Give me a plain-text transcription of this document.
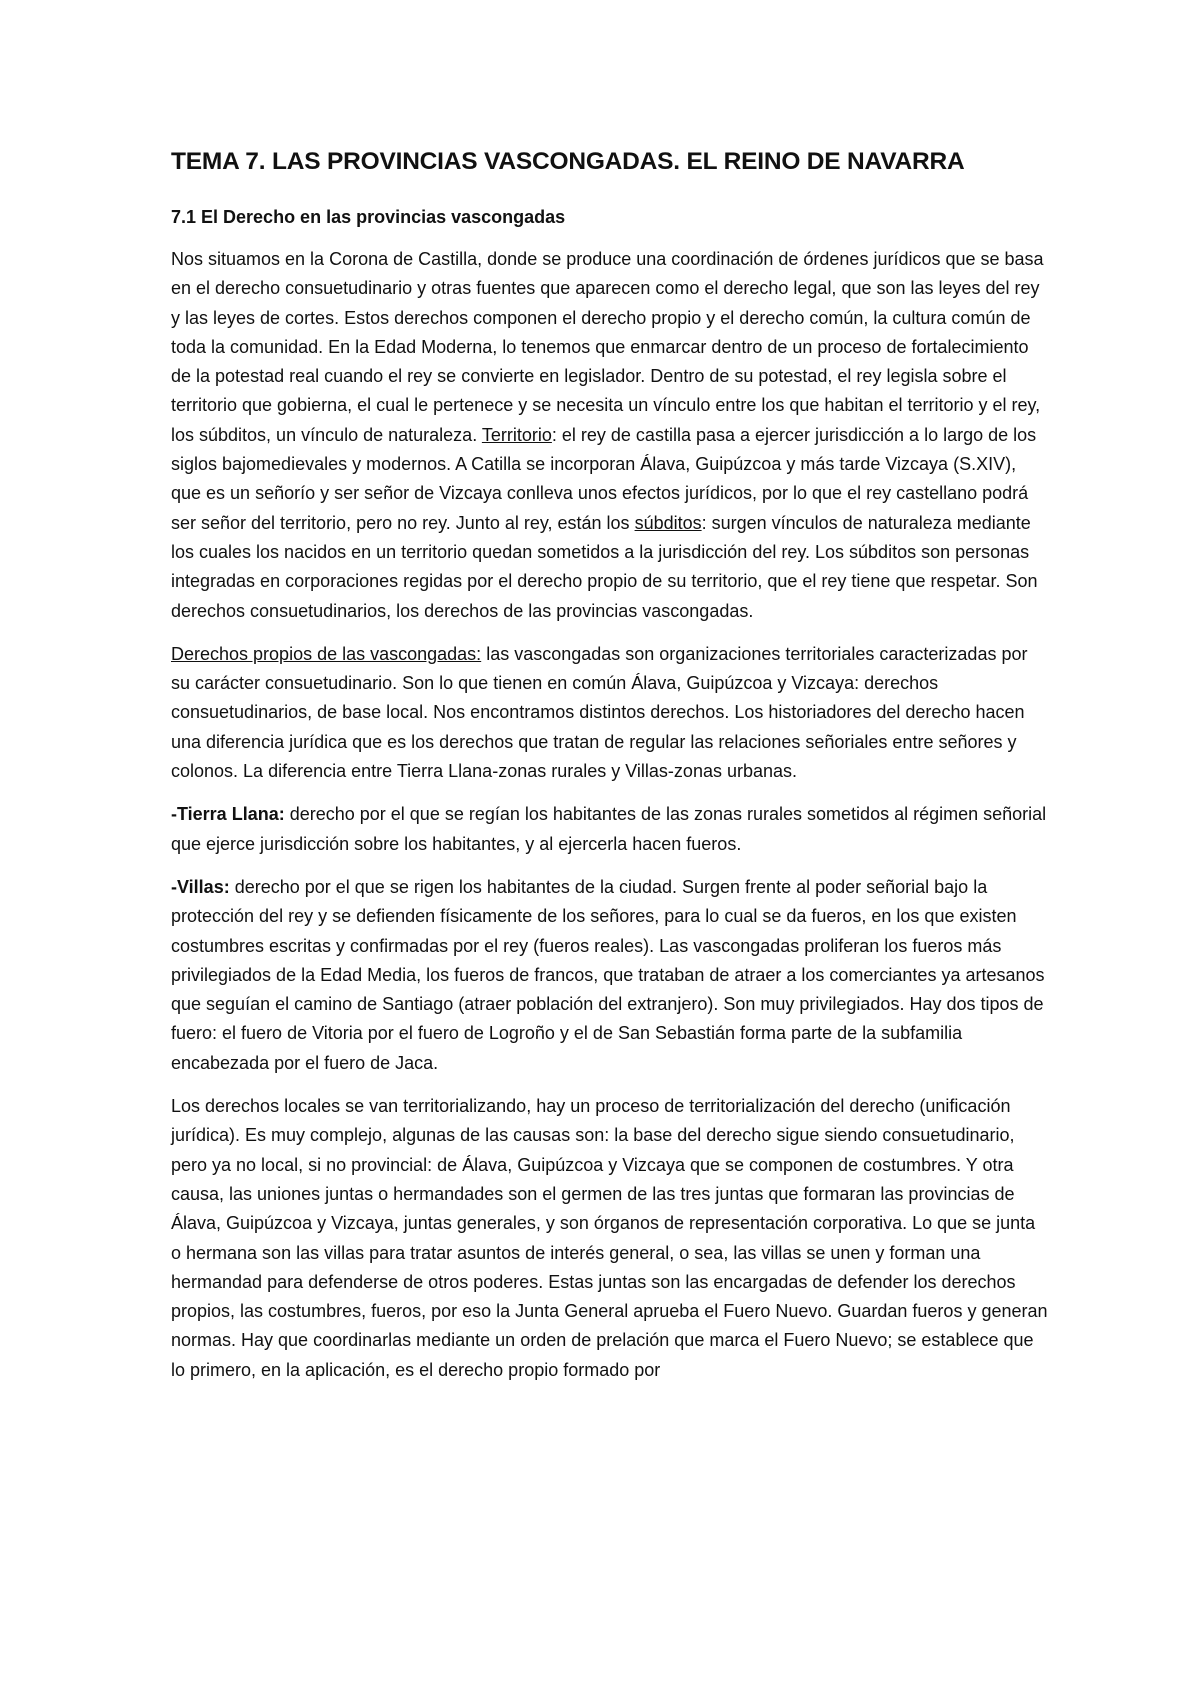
TEMA 7. LAS PROVINCIAS VASCONGADAS. EL REINO DE NAVARRA
7.1 El Derecho en las provincias vascongadas

Nos situamos en la Corona de Castilla, donde se produce una coordinación de órdenes jurídicos que se basa en el derecho consuetudinario y otras fuentes que aparecen como el derecho legal, que son las leyes del rey y las leyes de cortes. Estos derechos componen el derecho propio y el derecho común, la cultura común de toda la comunidad. En la Edad Moderna, lo tenemos que enmarcar dentro de un proceso de fortalecimiento de la potestad real cuando el rey se convierte en legislador. Dentro de su potestad, el rey legisla sobre el territorio que gobierna, el cual le pertenece y se necesita un vínculo entre los que habitan el territorio y el rey, los súbditos, un vínculo de naturaleza. Territorio: el rey de castilla pasa a ejercer jurisdicción a lo largo de los siglos bajomedievales y modernos. A Catilla se incorporan Álava, Guipúzcoa y más tarde Vizcaya (S.XIV), que es un señorío y ser señor de Vizcaya conlleva unos efectos jurídicos, por lo que el rey castellano podrá ser señor del territorio, pero no rey. Junto al rey, están los súbditos: surgen vínculos de naturaleza mediante los cuales los nacidos en un territorio quedan sometidos a la jurisdicción del rey. Los súbditos son personas integradas en corporaciones regidas por el derecho propio de su territorio, que el rey tiene que respetar. Son derechos consuetudinarios, los derechos de las provincias vascongadas.

Derechos propios de las vascongadas: las vascongadas son organizaciones territoriales caracterizadas por su carácter consuetudinario. Son lo que tienen en común Álava, Guipúzcoa y Vizcaya: derechos consuetudinarios, de base local. Nos encontramos distintos derechos. Los historiadores del derecho hacen una diferencia jurídica que es los derechos que tratan de regular las relaciones señoriales entre señores y colonos. La diferencia entre Tierra Llana-zonas rurales y Villas-zonas urbanas.

-Tierra Llana: derecho por el que se regían los habitantes de las zonas rurales sometidos al régimen señorial que ejerce jurisdicción sobre los habitantes, y al ejercerla hacen fueros.

-Villas: derecho por el que se rigen los habitantes de la ciudad. Surgen frente al poder señorial bajo la protección del rey y se defienden físicamente de los señores, para lo cual se da fueros, en los que existen costumbres escritas y confirmadas por el rey (fueros reales). Las vascongadas proliferan los fueros más privilegiados de la Edad Media, los fueros de francos, que trataban de atraer a los comerciantes ya artesanos que seguían el camino de Santiago (atraer población del extranjero). Son muy privilegiados. Hay dos tipos de fuero: el fuero de Vitoria por el fuero de Logroño y el de San Sebastián forma parte de la subfamilia encabezada por el fuero de Jaca.

Los derechos locales se van territorializando, hay un proceso de territorialización del derecho (unificación jurídica). Es muy complejo, algunas de las causas son: la base del derecho sigue siendo consuetudinario, pero ya no local, si no provincial: de Álava, Guipúzcoa y Vizcaya que se componen de costumbres. Y otra causa, las uniones juntas o hermandades son el germen de las tres juntas que formaran las provincias de Álava, Guipúzcoa y Vizcaya, juntas generales, y son órganos de representación corporativa. Lo que se junta o hermana son las villas para tratar asuntos de interés general, o sea, las villas se unen y forman una hermandad para defenderse de otros poderes. Estas juntas son las encargadas de defender los derechos propios, las costumbres, fueros, por eso la Junta General aprueba el Fuero Nuevo. Guardan fueros y generan normas. Hay que coordinarlas mediante un orden de prelación que marca el Fuero Nuevo; se establece que lo primero, en la aplicación, es el derecho propio formado por
